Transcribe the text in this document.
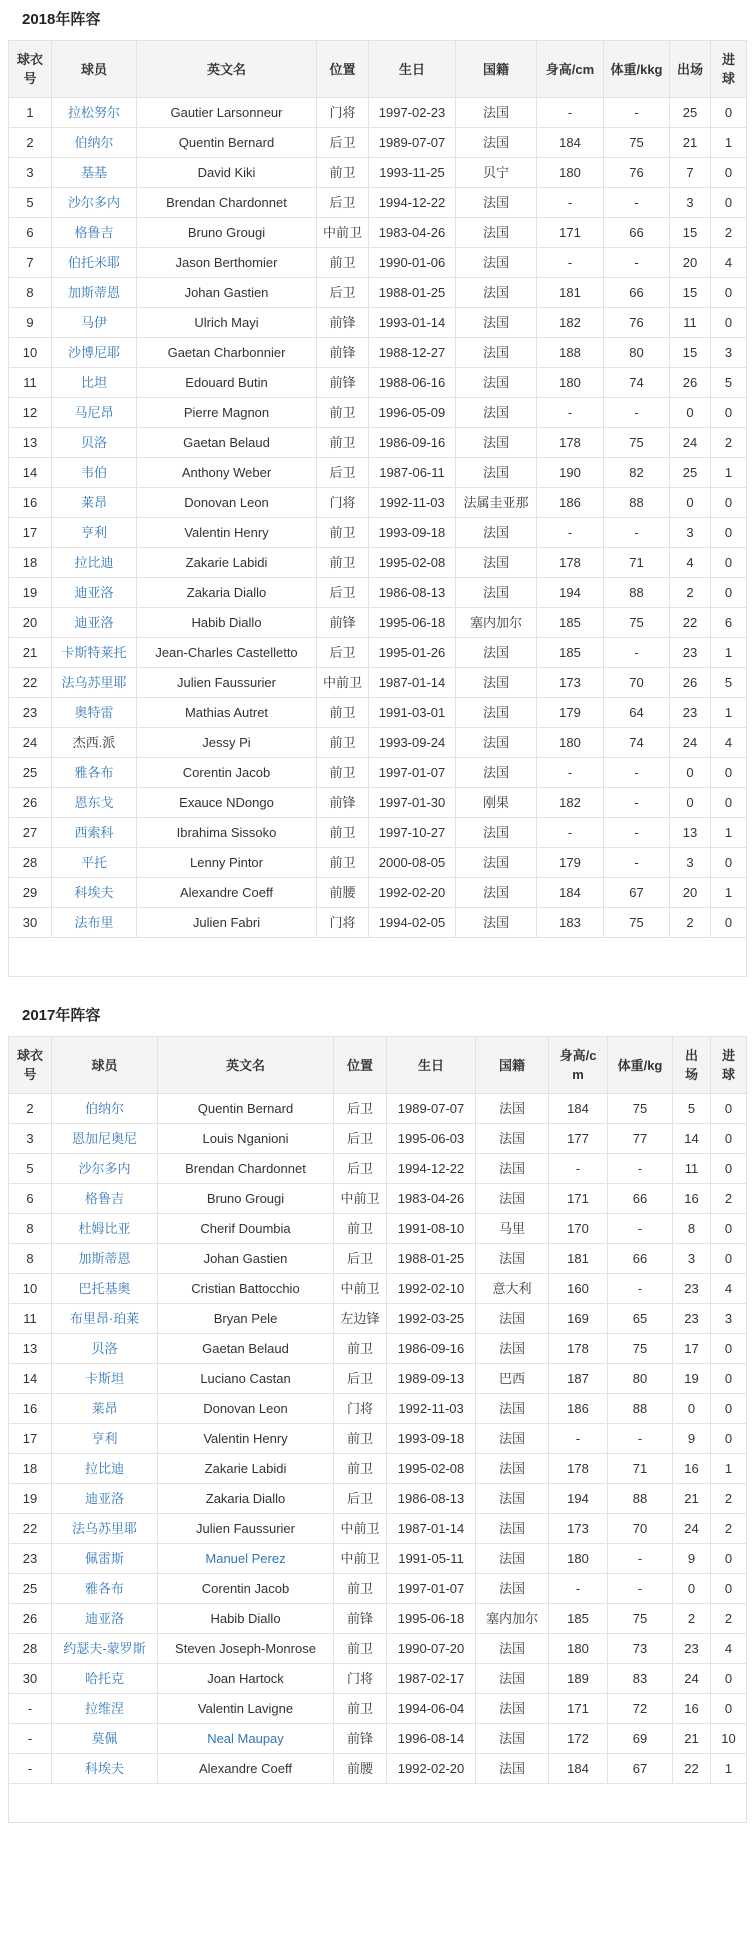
2018年阵容
球衣号	球员	英文名	位置	生日	国籍	身高/cm	体重/kkg	出场	进球
1	拉松努尔	Gautier Larsonneur	门将	1997-02-23	法国	-	-	25	0
2	伯纳尔	Quentin Bernard	后卫	1989-07-07	法国	184	75	21	1
3	基基	David Kiki	前卫	1993-11-25	贝宁	180	76	7	0
5	沙尔多内	Brendan Chardonnet	后卫	1994-12-22	法国	-	-	3	0
6	格鲁吉	Bruno Grougi	中前卫	1983-04-26	法国	171	66	15	2
7	伯托米耶	Jason Berthomier	前卫	1990-01-06	法国	-	-	20	4
8	加斯蒂恩	Johan Gastien	后卫	1988-01-25	法国	181	66	15	0
9	马伊	Ulrich Mayi	前锋	1993-01-14	法国	182	76	11	0
10	沙博尼耶	Gaetan Charbonnier	前锋	1988-12-27	法国	188	80	15	3
11	比坦	Edouard Butin	前锋	1988-06-16	法国	180	74	26	5
12	马尼昂	Pierre Magnon	前卫	1996-05-09	法国	-	-	0	0
13	贝洛	Gaetan Belaud	前卫	1986-09-16	法国	178	75	24	2
14	韦伯	Anthony Weber	后卫	1987-06-11	法国	190	82	25	1
16	莱昂	Donovan Leon	门将	1992-11-03	法属圭亚那	186	88	0	0
17	亨利	Valentin Henry	前卫	1993-09-18	法国	-	-	3	0
18	拉比迪	Zakarie Labidi	前卫	1995-02-08	法国	178	71	4	0
19	迪亚洛	Zakaria Diallo	后卫	1986-08-13	法国	194	88	2	0
20	迪亚洛	Habib Diallo	前锋	1995-06-18	塞内加尔	185	75	22	6
21	卡斯特莱托	Jean-Charles Castelletto	后卫	1995-01-26	法国	185	-	23	1
22	法乌苏里耶	Julien Faussurier	中前卫	1987-01-14	法国	173	70	26	5
23	奥特雷	Mathias Autret	前卫	1991-03-01	法国	179	64	23	1
24	杰西.派	Jessy Pi	前卫	1993-09-24	法国	180	74	24	4
25	雅各布	Corentin Jacob	前卫	1997-01-07	法国	-	-	0	0
26	恩东戈	Exauce NDongo	前锋	1997-01-30	刚果	182	-	0	0
27	西索科	Ibrahima Sissoko	前卫	1997-10-27	法国	-	-	13	1
28	平托	Lenny Pintor	前卫	2000-08-05	法国	179	-	3	0
29	科埃夫	Alexandre Coeff	前腰	1992-02-20	法国	184	67	20	1
30	法布里	Julien Fabri	门将	1994-02-05	法国	183	75	2	0

2017年阵容
球衣号	球员	英文名	位置	生日	国籍	身高/cm	体重/kg	出场	进球
2	伯纳尔	Quentin Bernard	后卫	1989-07-07	法国	184	75	5	0
3	恩加尼奥尼	Louis Nganioni	后卫	1995-06-03	法国	177	77	14	0
5	沙尔多内	Brendan Chardonnet	后卫	1994-12-22	法国	-	-	11	0
6	格鲁吉	Bruno Grougi	中前卫	1983-04-26	法国	171	66	16	2
8	杜姆比亚	Cherif Doumbia	前卫	1991-08-10	马里	170	-	8	0
8	加斯蒂恩	Johan Gastien	后卫	1988-01-25	法国	181	66	3	0
10	巴托基奥	Cristian Battocchio	中前卫	1992-02-10	意大利	160	-	23	4
11	布里昂·珀莱	Bryan Pele	左边锋	1992-03-25	法国	169	65	23	3
13	贝洛	Gaetan Belaud	前卫	1986-09-16	法国	178	75	17	0
14	卡斯坦	Luciano Castan	后卫	1989-09-13	巴西	187	80	19	0
16	莱昂	Donovan Leon	门将	1992-11-03	法国	186	88	0	0
17	亨利	Valentin Henry	前卫	1993-09-18	法国	-	-	9	0
18	拉比迪	Zakarie Labidi	前卫	1995-02-08	法国	178	71	16	1
19	迪亚洛	Zakaria Diallo	后卫	1986-08-13	法国	194	88	21	2
22	法乌苏里耶	Julien Faussurier	中前卫	1987-01-14	法国	173	70	24	2
23	佩雷斯	Manuel Perez	中前卫	1991-05-11	法国	180	-	9	0
25	雅各布	Corentin Jacob	前卫	1997-01-07	法国	-	-	0	0
26	迪亚洛	Habib Diallo	前锋	1995-06-18	塞内加尔	185	75	2	2
28	约瑟夫-蒙罗斯	Steven Joseph-Monrose	前卫	1990-07-20	法国	180	73	23	4
30	哈托克	Joan Hartock	门将	1987-02-17	法国	189	83	24	0
-	拉维涅	Valentin Lavigne	前卫	1994-06-04	法国	171	72	16	0
-	莫佩	Neal Maupay	前锋	1996-08-14	法国	172	69	21	10
-	科埃夫	Alexandre Coeff	前腰	1992-02-20	法国	184	67	22	1
